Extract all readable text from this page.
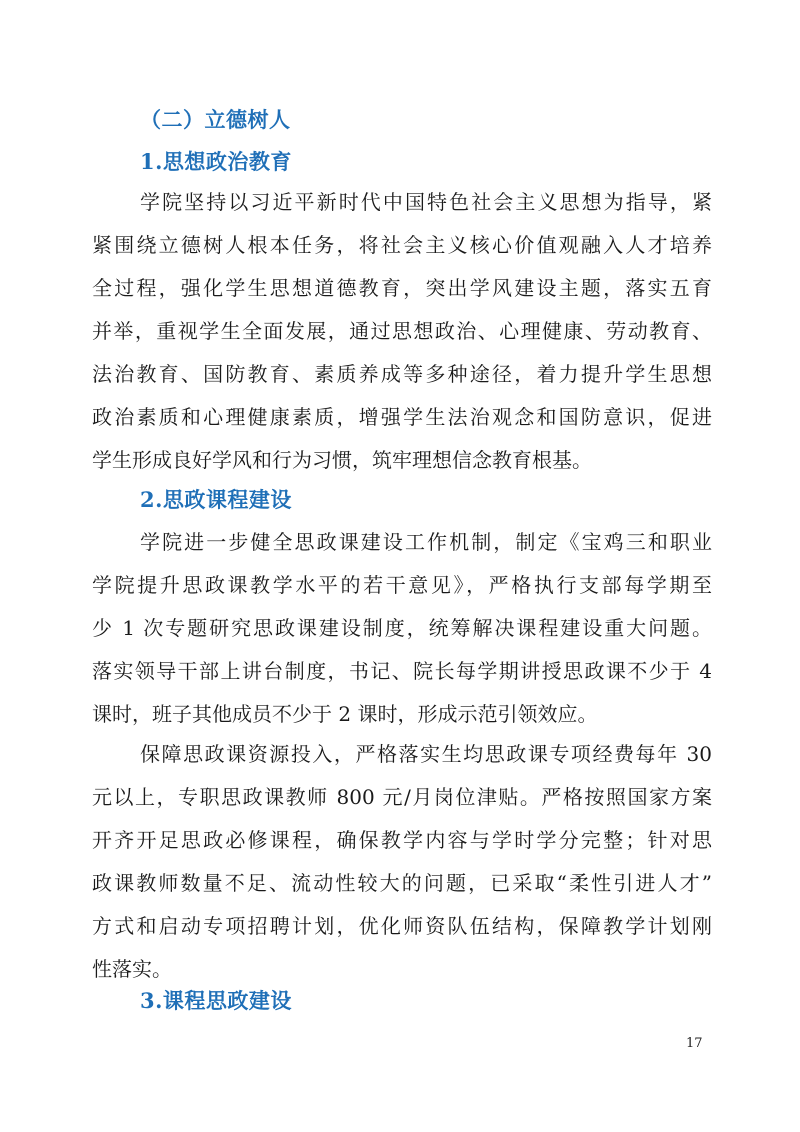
（二）立德树人
1.思想政治教育
学院坚持以习近平新时代中国特色社会主义思想为指导，紧
紧围绕立德树人根本任务，将社会主义核心价值观融入人才培养
全过程，强化学生思想道德教育，突出学风建设主题，落实五育
并举，重视学生全面发展，通过思想政治、心理健康、劳动教育、
法治教育、国防教育、素质养成等多种途径，着力提升学生思想
政治素质和心理健康素质，增强学生法治观念和国防意识，促进
学生形成良好学风和行为习惯，筑牢理想信念教育根基。
2.思政课程建设
学院进一步健全思政课建设工作机制，制定《宝鸡三和职业
学院提升思政课教学水平的若干意见》，严格执行支部每学期至
少 1 次专题研究思政课建设制度，统筹解决课程建设重大问题。
落实领导干部上讲台制度，书记、院长每学期讲授思政课不少于 4
课时，班子其他成员不少于 2 课时，形成示范引领效应。
保障思政课资源投入，严格落实生均思政课专项经费每年 30
元以上，专职思政课教师 800 元/月岗位津贴。严格按照国家方案
开齐开足思政必修课程，确保教学内容与学时学分完整；针对思
政课教师数量不足、流动性较大的问题，已采取“柔性引进人才”
方式和启动专项招聘计划，优化师资队伍结构，保障教学计划刚
性落实。
3.课程思政建设
17
